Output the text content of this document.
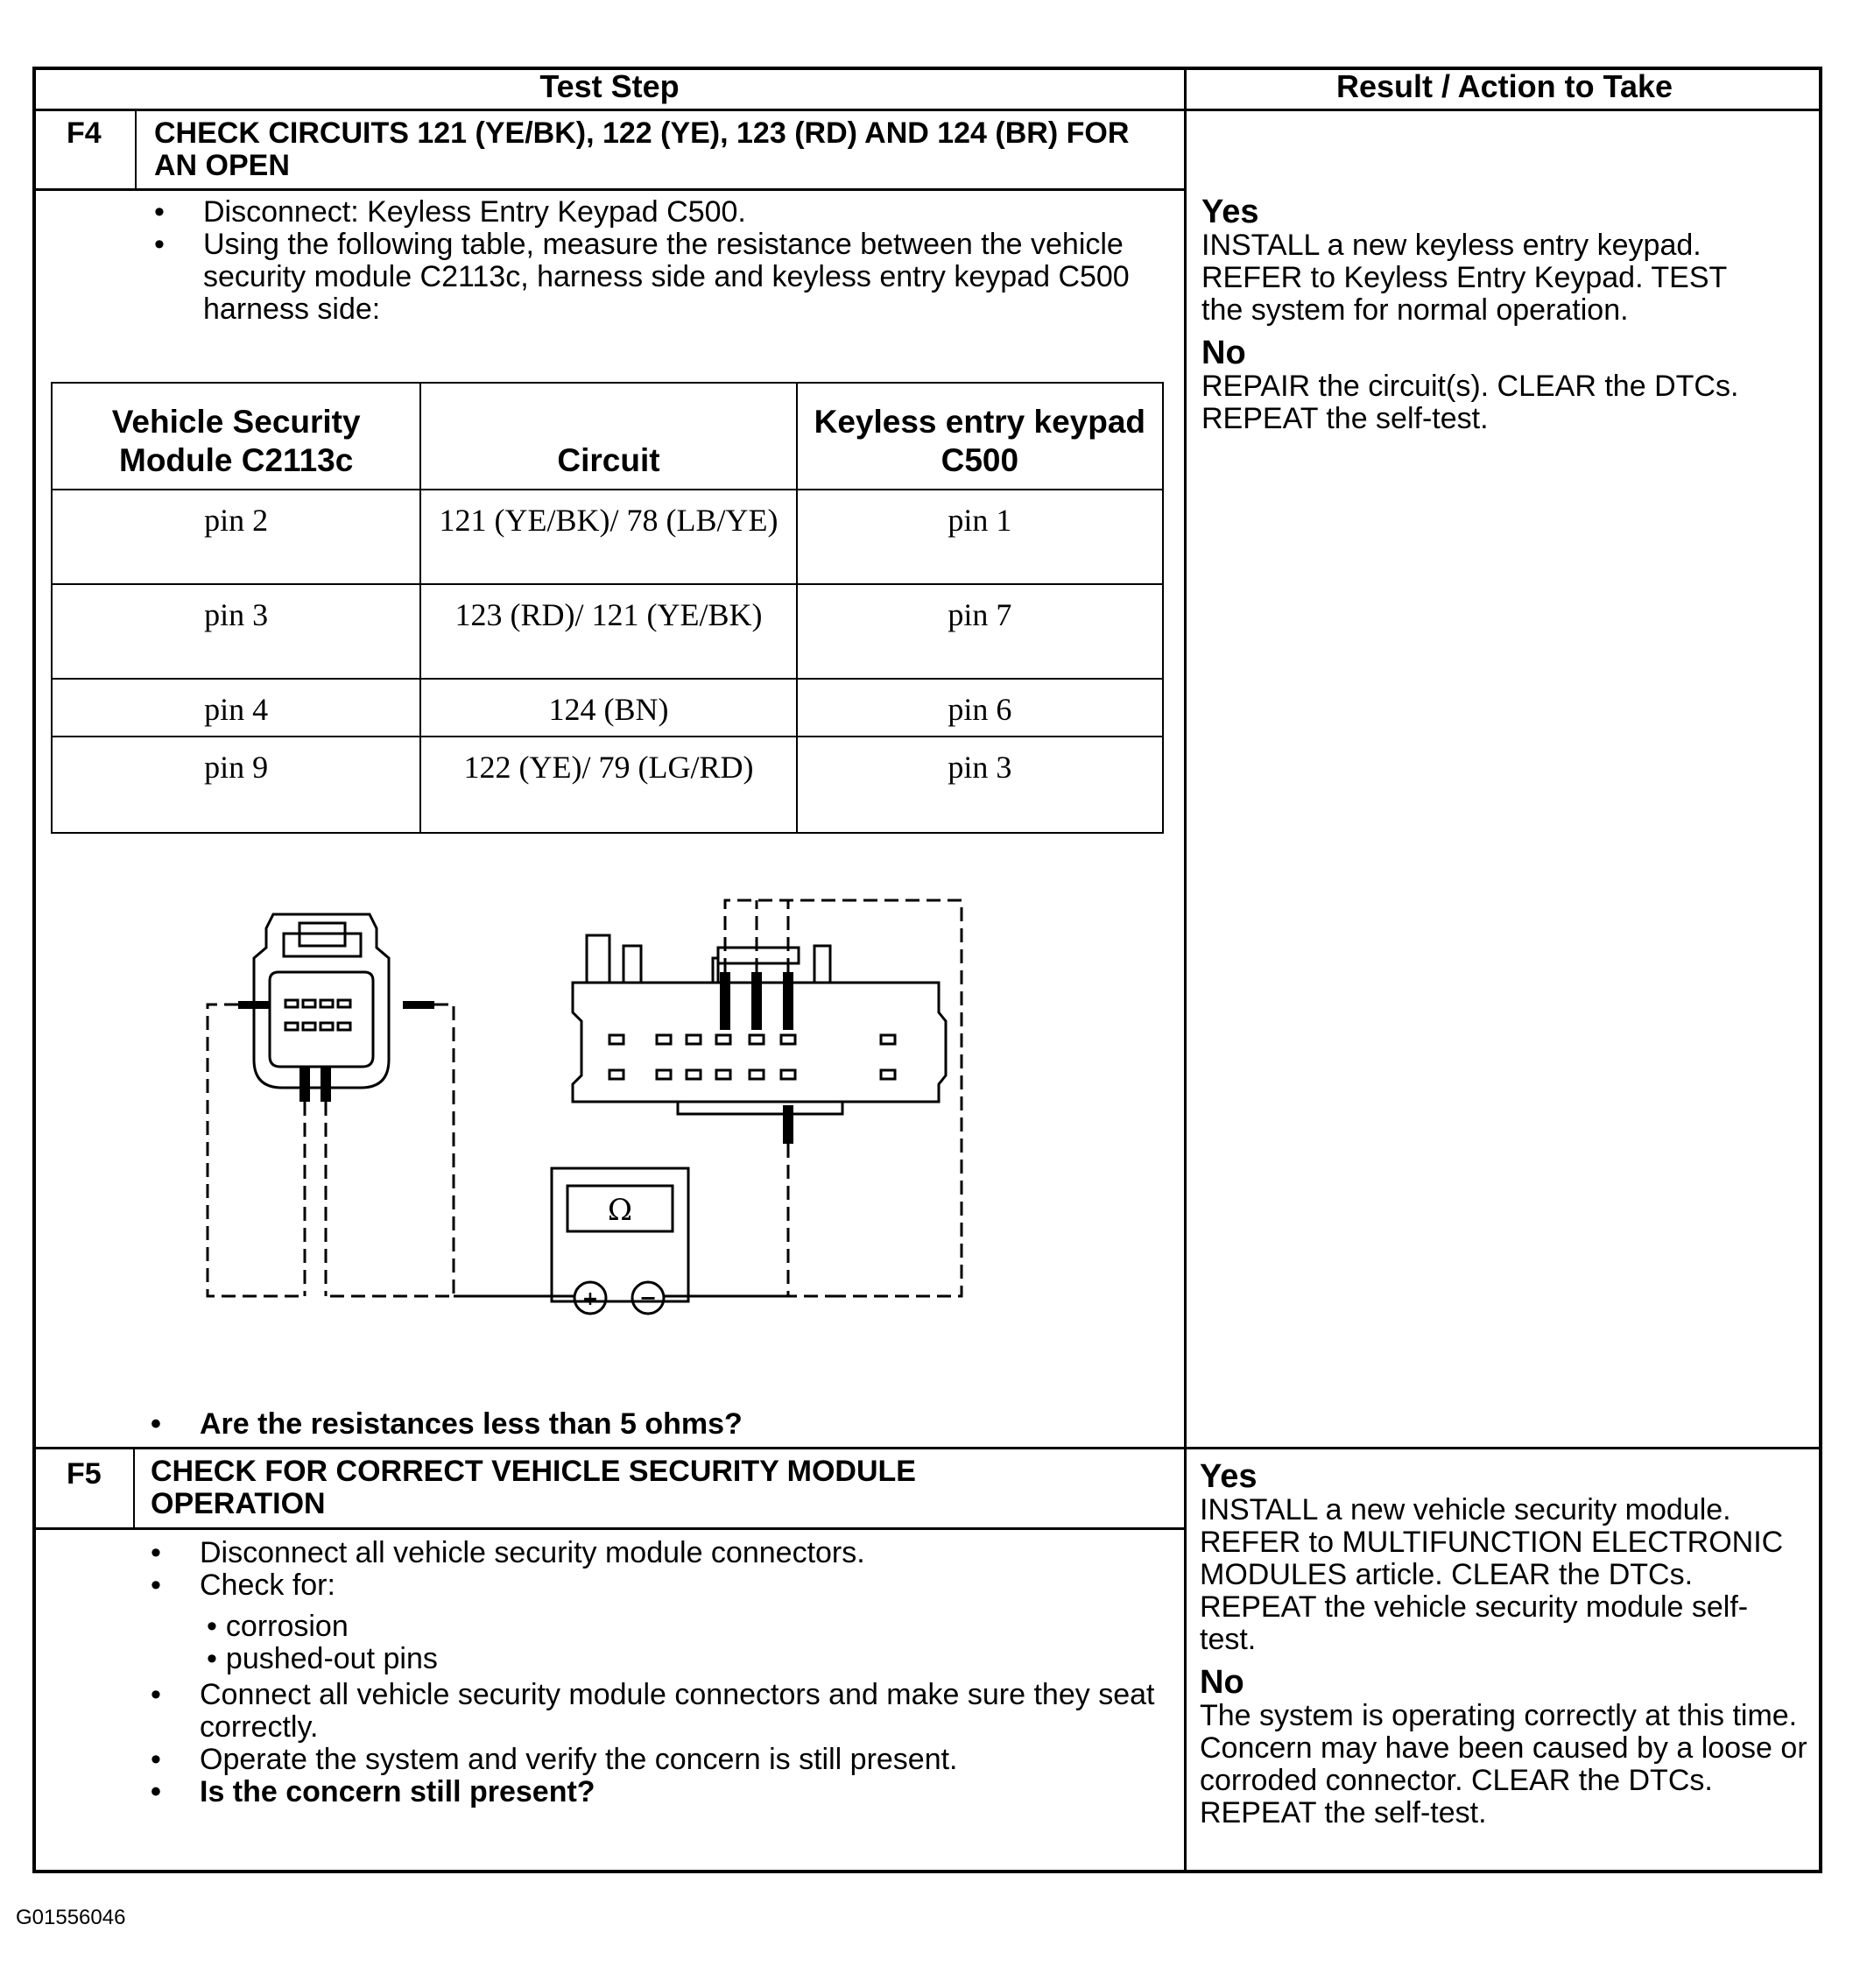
Test Step	Result / Action to Take
F4 CHECK CIRCUITS 121 (YE/BK), 122 (YE), 123 (RD) AND 124 (BR) FOR AN OPEN
• Disconnect: Keyless Entry Keypad C500.
• Using the following table, measure the resistance between the vehicle security module C2113c, harness side and keyless entry keypad C500 harness side:
Vehicle Security Module C2113c	Circuit	Keyless entry keypad C500
pin 2	121 (YE/BK)/ 78 (LB/YE)	pin 1
pin 3	123 (RD)/ 121 (YE/BK)	pin 7
pin 4	124 (BN)	pin 6
pin 9	122 (YE)/ 79 (LG/RD)	pin 3
Ω
+ −
• Are the resistances less than 5 ohms?
Yes
INSTALL a new keyless entry keypad. REFER to Keyless Entry Keypad. TEST the system for normal operation.
No
REPAIR the circuit(s). CLEAR the DTCs. REPEAT the self-test.
F5 CHECK FOR CORRECT VEHICLE SECURITY MODULE OPERATION
• Disconnect all vehicle security module connectors.
• Check for:
• corrosion
• pushed-out pins
• Connect all vehicle security module connectors and make sure they seat correctly.
• Operate the system and verify the concern is still present.
• Is the concern still present?
Yes
INSTALL a new vehicle security module. REFER to MULTIFUNCTION ELECTRONIC MODULES article. CLEAR the DTCs. REPEAT the vehicle security module self-test.
No
The system is operating correctly at this time. Concern may have been caused by a loose or corroded connector. CLEAR the DTCs. REPEAT the self-test.
G01556046
